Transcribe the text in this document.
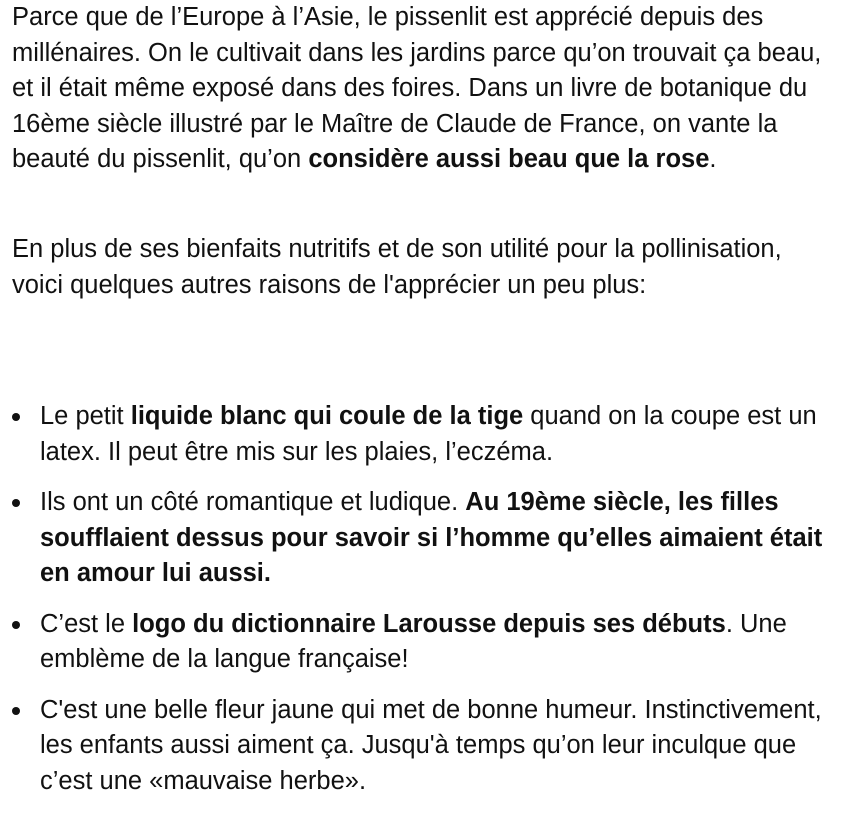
Parce que de l’Europe à l’Asie, le pissenlit est apprécié depuis des millénaires. On le cultivait dans les jardins parce qu’on trouvait ça beau, et il était même exposé dans des foires. Dans un livre de botanique du 16ème siècle illustré par le Maître de Claude de France, on vante la beauté du pissenlit, qu’on considère aussi beau que la rose.

En plus de ses bienfaits nutritifs et de son utilité pour la pollinisation, voici quelques autres raisons de l'apprécier un peu plus:

Le petit liquide blanc qui coule de la tige quand on la coupe est un latex. Il peut être mis sur les plaies, l’eczéma.
Ils ont un côté romantique et ludique. Au 19ème siècle, les filles soufflaient dessus pour savoir si l’homme qu’elles aimaient était en amour lui aussi.
C’est le logo du dictionnaire Larousse depuis ses débuts. Une emblème de la langue française!
C'est une belle fleur jaune qui met de bonne humeur. Instinctivement, les enfants aussi aiment ça. Jusqu'à temps qu’on leur inculque que c’est une «mauvaise herbe».
